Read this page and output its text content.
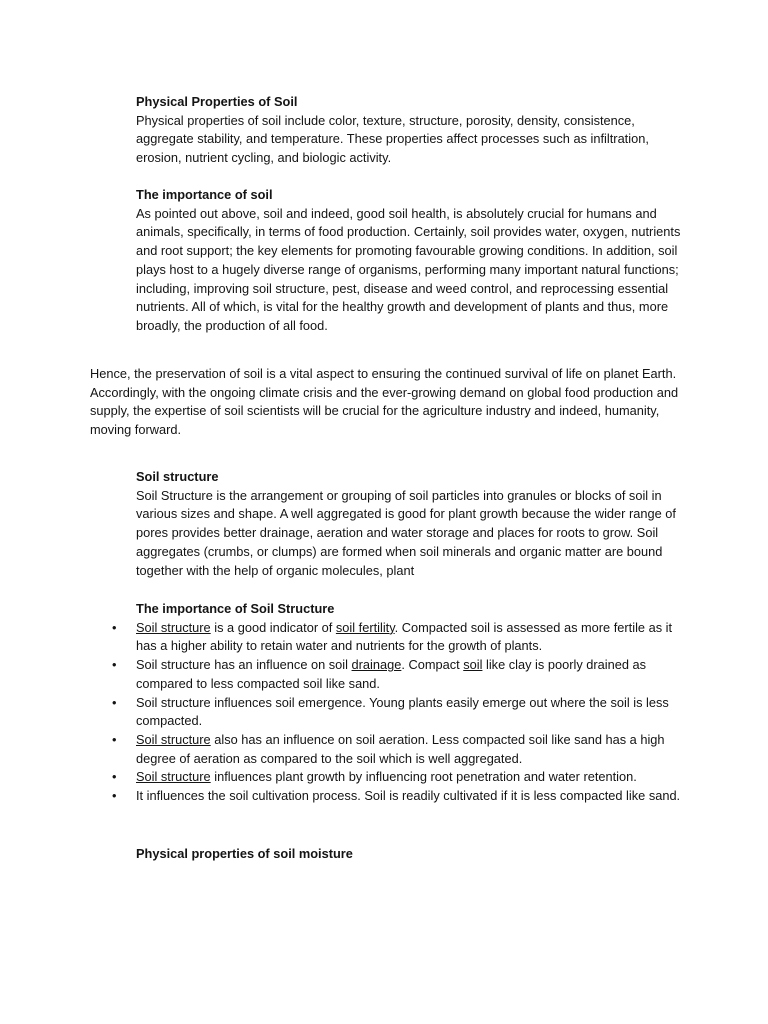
Physical Properties of Soil

Physical properties of soil include color, texture, structure, porosity, density, consistence, aggregate stability, and temperature. These properties affect processes such as infiltration, erosion, nutrient cycling, and biologic activity.

The importance of soil

As pointed out above, soil and indeed, good soil health, is absolutely crucial for humans and animals, specifically, in terms of food production. Certainly, soil provides water, oxygen, nutrients and root support; the key elements for promoting favourable growing conditions. In addition, soil plays host to a hugely diverse range of organisms, performing many important natural functions; including, improving soil structure, pest, disease and weed control, and reprocessing essential nutrients. All of which, is vital for the healthy growth and development of plants and thus, more broadly, the production of all food.

Hence, the preservation of soil is a vital aspect to ensuring the continued survival of life on planet Earth. Accordingly, with the ongoing climate crisis and the ever-growing demand on global food production and supply, the expertise of soil scientists will be crucial for the agriculture industry and indeed, humanity, moving forward.

Soil structure

Soil Structure is the arrangement or grouping of soil particles into granules or blocks of soil in various sizes and shape. A well aggregated is good for plant growth because the wider range of pores provides better drainage, aeration and water storage and places for roots to grow. Soil aggregates (crumbs, or clumps) are formed when soil minerals and organic matter are bound together with the help of organic molecules, plant

The importance of Soil Structure
• Soil structure is a good indicator of soil fertility. Compacted soil is assessed as more fertile as it has a higher ability to retain water and nutrients for the growth of plants.
• Soil structure has an influence on soil drainage. Compact soil like clay is poorly drained as compared to less compacted soil like sand.
• Soil structure influences soil emergence. Young plants easily emerge out where the soil is less compacted.
• Soil structure also has an influence on soil aeration. Less compacted soil like sand has a high degree of aeration as compared to the soil which is well aggregated.
• Soil structure influences plant growth by influencing root penetration and water retention.
• It influences the soil cultivation process. Soil is readily cultivated if it is less compacted like sand.
Physical properties of soil moisture
